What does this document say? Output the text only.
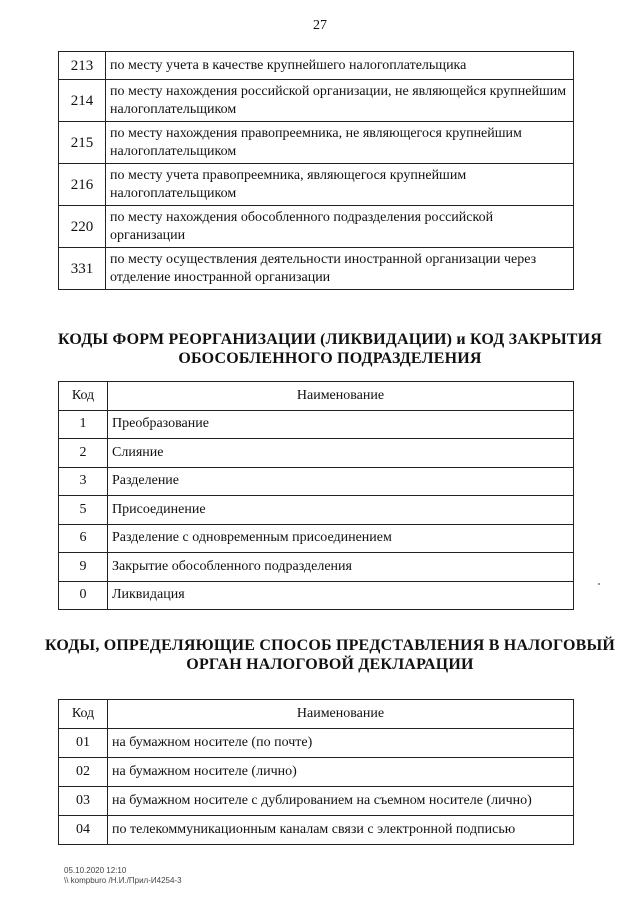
27
213	по месту учета в качестве крупнейшего налогоплательщика
214	по месту нахождения российской организации, не являющейся крупнейшим налогоплательщиком
215	по месту нахождения правопреемника, не являющегося крупнейшим налогоплательщиком
216	по месту учета правопреемника, являющегося крупнейшим налогоплательщиком
220	по месту нахождения обособленного подразделения российской организации
331	по месту осуществления деятельности иностранной организации через отделение иностранной организации
КОДЫ ФОРМ РЕОРГАНИЗАЦИИ (ЛИКВИДАЦИИ) и КОД ЗАКРЫТИЯ
ОБОСОБЛЕННОГО ПОДРАЗДЕЛЕНИЯ
Код	Наименование
1	Преобразование
2	Слияние
3	Разделение
5	Присоединение
6	Разделение с одновременным присоединением
9	Закрытие обособленного подразделения
0	Ликвидация
КОДЫ, ОПРЕДЕЛЯЮЩИЕ СПОСОБ ПРЕДСТАВЛЕНИЯ В НАЛОГОВЫЙ
ОРГАН НАЛОГОВОЙ ДЕКЛАРАЦИИ
Код	Наименование
01	на бумажном носителе (по почте)
02	на бумажном носителе (лично)
03	на бумажном носителе с дублированием на съемном носителе (лично)
04	по телекоммуникационным каналам связи с электронной подписью
05.10.2020 12:10
\\ kompburo /Н.И./Прил-И4254-3
